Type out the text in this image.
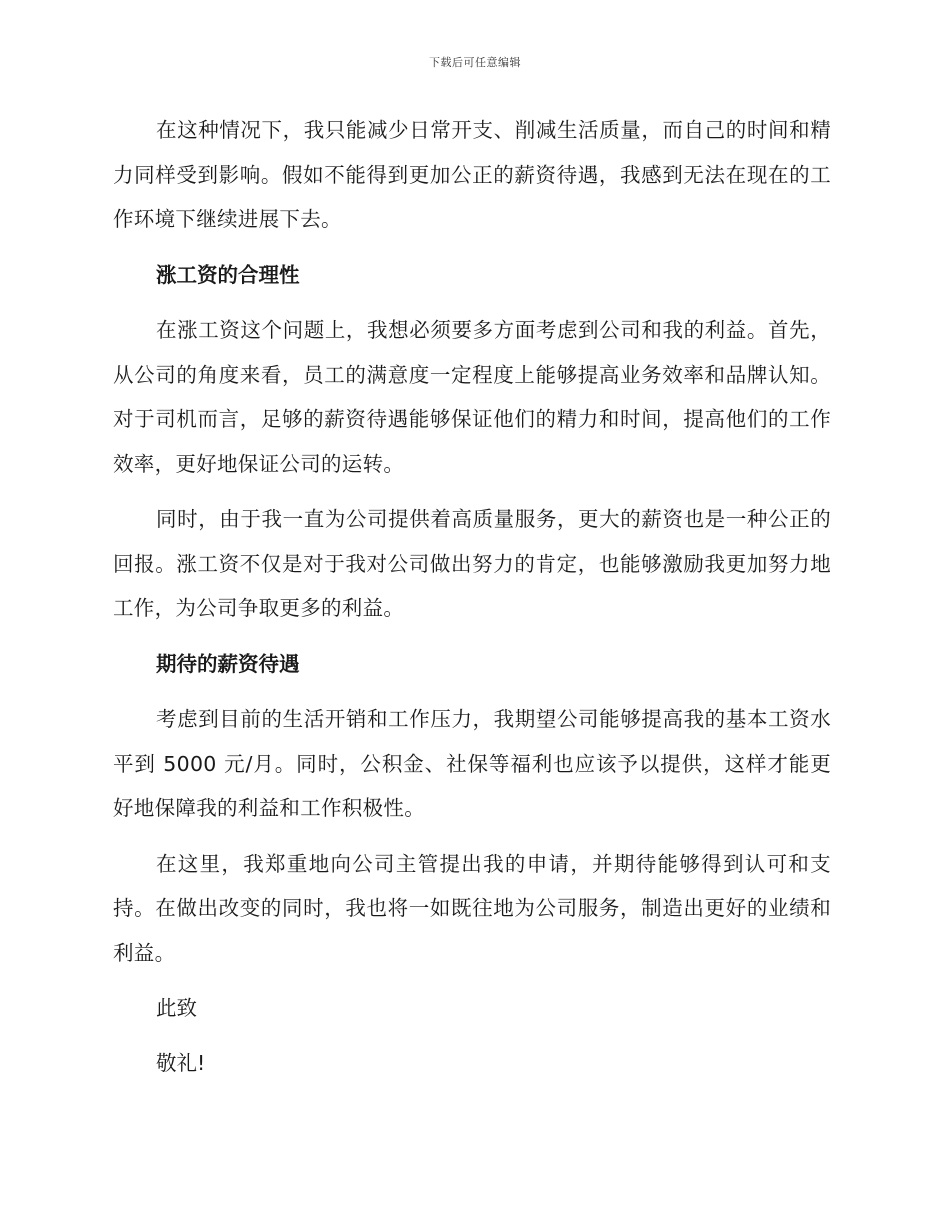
下载后可任意编辑

在这种情况下，我只能减少日常开支、削减生活质量，而自己的时间和精力同样受到影响。假如不能得到更加公正的薪资待遇，我感到无法在现在的工作环境下继续进展下去。

涨工资的合理性

在涨工资这个问题上，我想必须要多方面考虑到公司和我的利益。首先，从公司的角度来看，员工的满意度一定程度上能够提高业务效率和品牌认知。对于司机而言，足够的薪资待遇能够保证他们的精力和时间，提高他们的工作效率，更好地保证公司的运转。

同时，由于我一直为公司提供着高质量服务，更大的薪资也是一种公正的回报。涨工资不仅是对于我对公司做出努力的肯定，也能够激励我更加努力地工作，为公司争取更多的利益。

期待的薪资待遇

考虑到目前的生活开销和工作压力，我期望公司能够提高我的基本工资水平到 5000 元/月。同时，公积金、社保等福利也应该予以提供，这样才能更好地保障我的利益和工作积极性。

在这里，我郑重地向公司主管提出我的申请，并期待能够得到认可和支持。在做出改变的同时，我也将一如既往地为公司服务，制造出更好的业绩和利益。

此致
敬礼!
